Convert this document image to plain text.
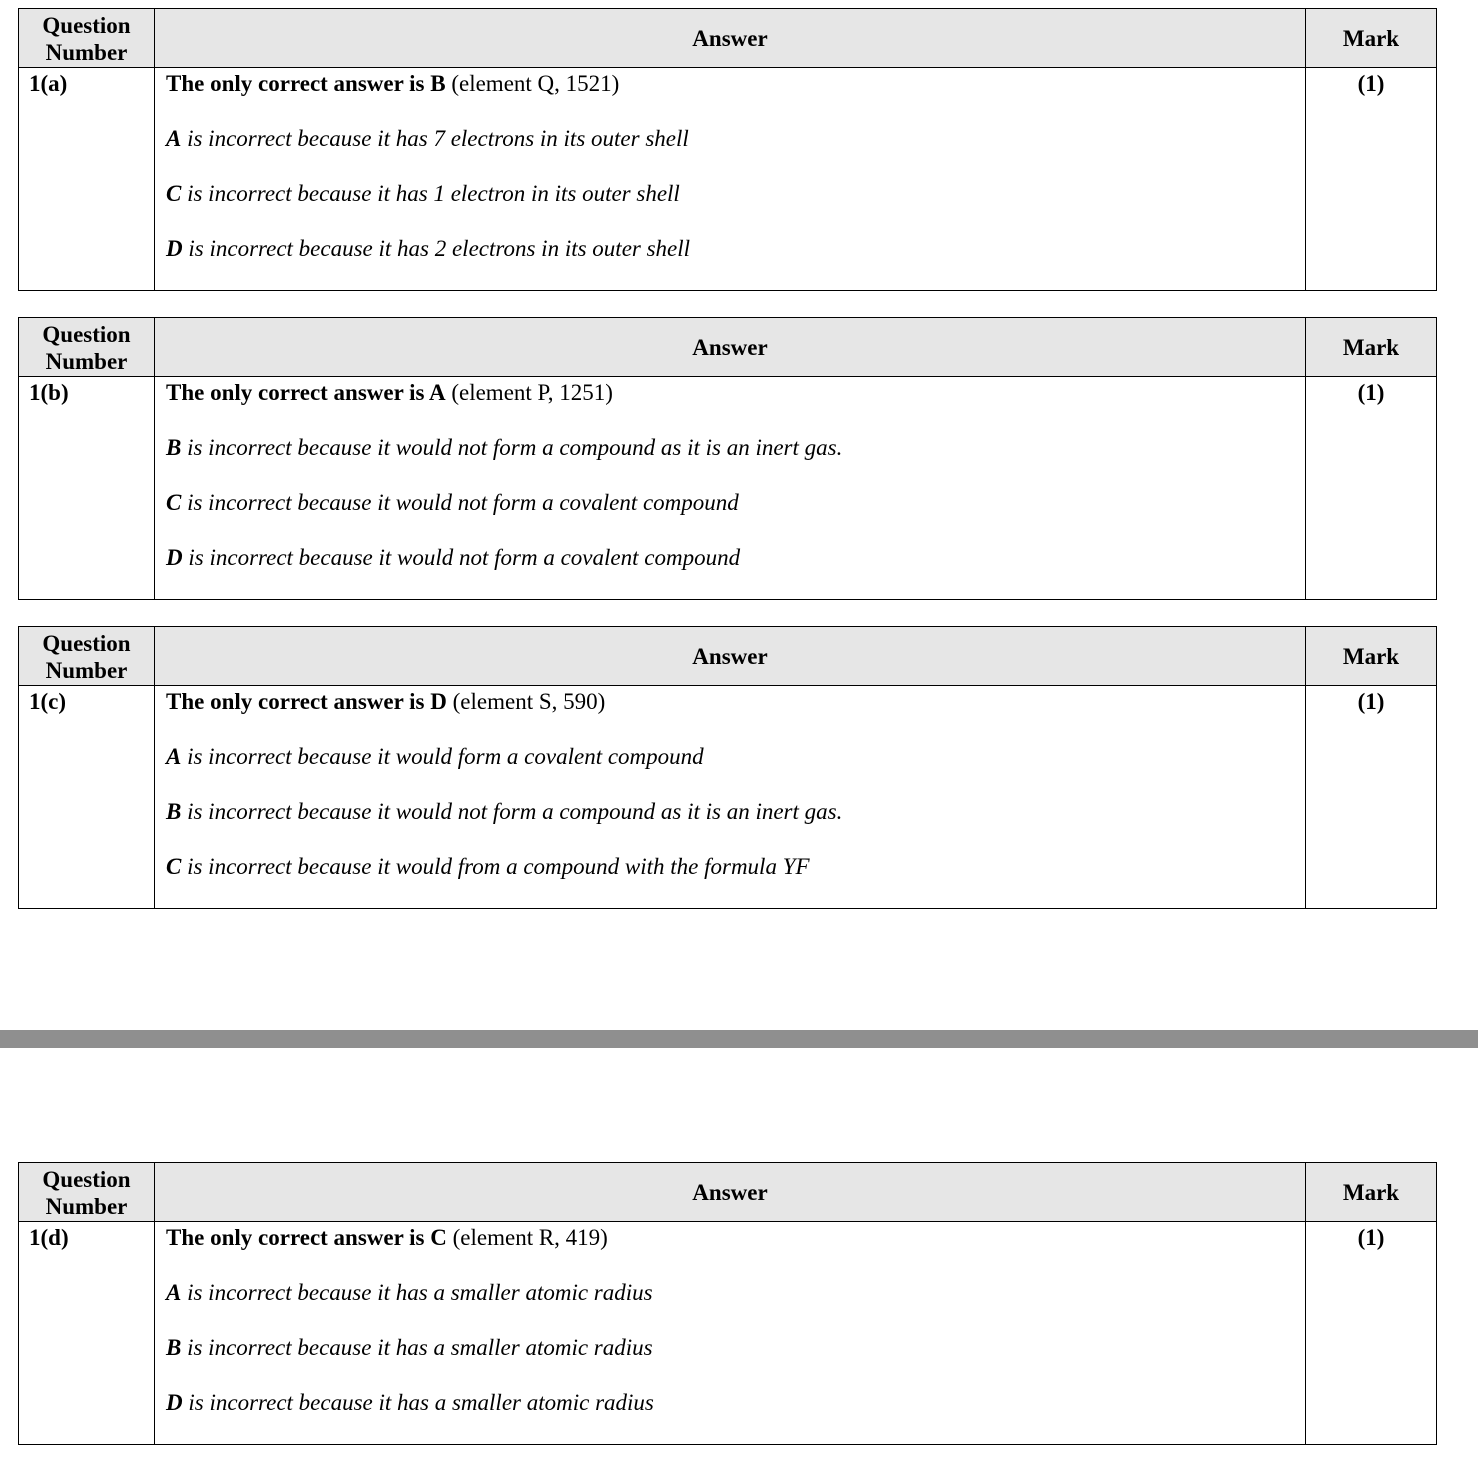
Question
Number	Answer	Mark
1(a)	The only correct answer is B (element Q, 1521)
A is incorrect because it has 7 electrons in its outer shell
C is incorrect because it has 1 electron in its outer shell
D is incorrect because it has 2 electrons in its outer shell	(1)
Question
Number	Answer	Mark
1(b)	The only correct answer is A (element P, 1251)
B is incorrect because it would not form a compound as it is an inert gas.
C is incorrect because it would not form a covalent compound
D is incorrect because it would not form a covalent compound	(1)
Question
Number	Answer	Mark
1(c)	The only correct answer is D (element S, 590)
A is incorrect because it would form a covalent compound
B is incorrect because it would not form a compound as it is an inert gas.
C is incorrect because it would from a compound with the formula YF	(1)
Question
Number	Answer	Mark
1(d)	The only correct answer is C (element R, 419)
A is incorrect because it has a smaller atomic radius
B is incorrect because it has a smaller atomic radius
D is incorrect because it has a smaller atomic radius	(1)
